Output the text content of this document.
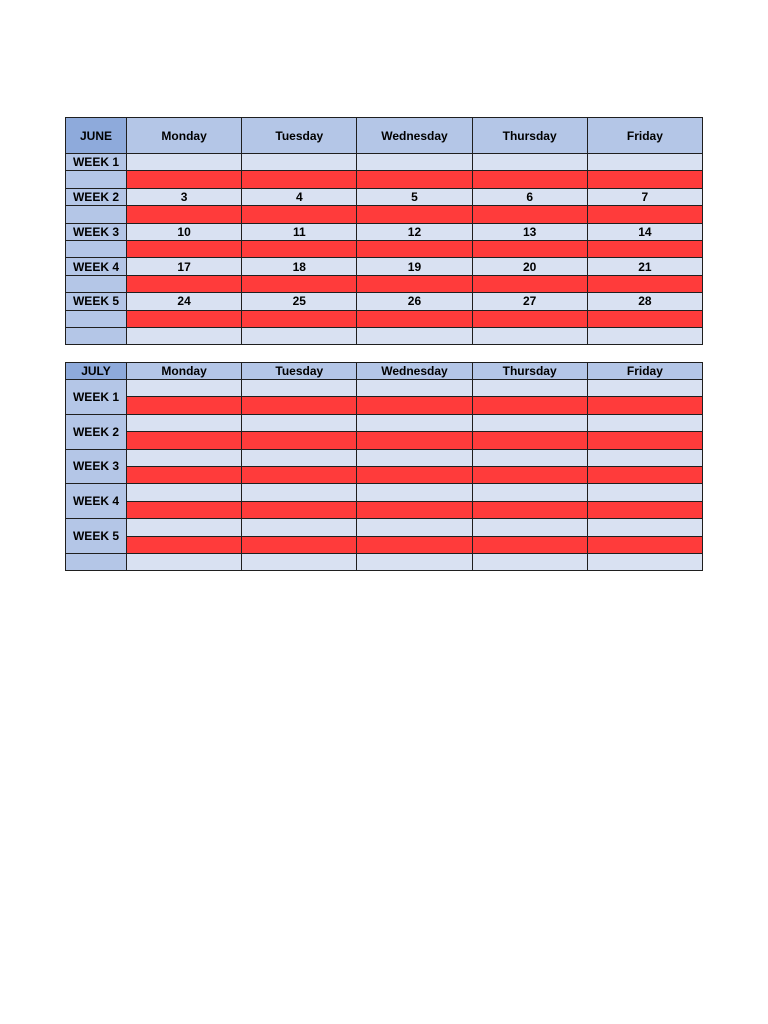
JUNE	Monday	Tuesday	Wednesday	Thursday	Friday
WEEK 1					

WEEK 2	3	4	5	6	7

WEEK 3	10	11	12	13	14

WEEK 4	17	18	19	20	21

WEEK 5	24	25	26	27	28

JULY	Monday	Tuesday	Wednesday	Thursday	Friday
WEEK 1					

WEEK 2					

WEEK 3					

WEEK 4					

WEEK 5					
